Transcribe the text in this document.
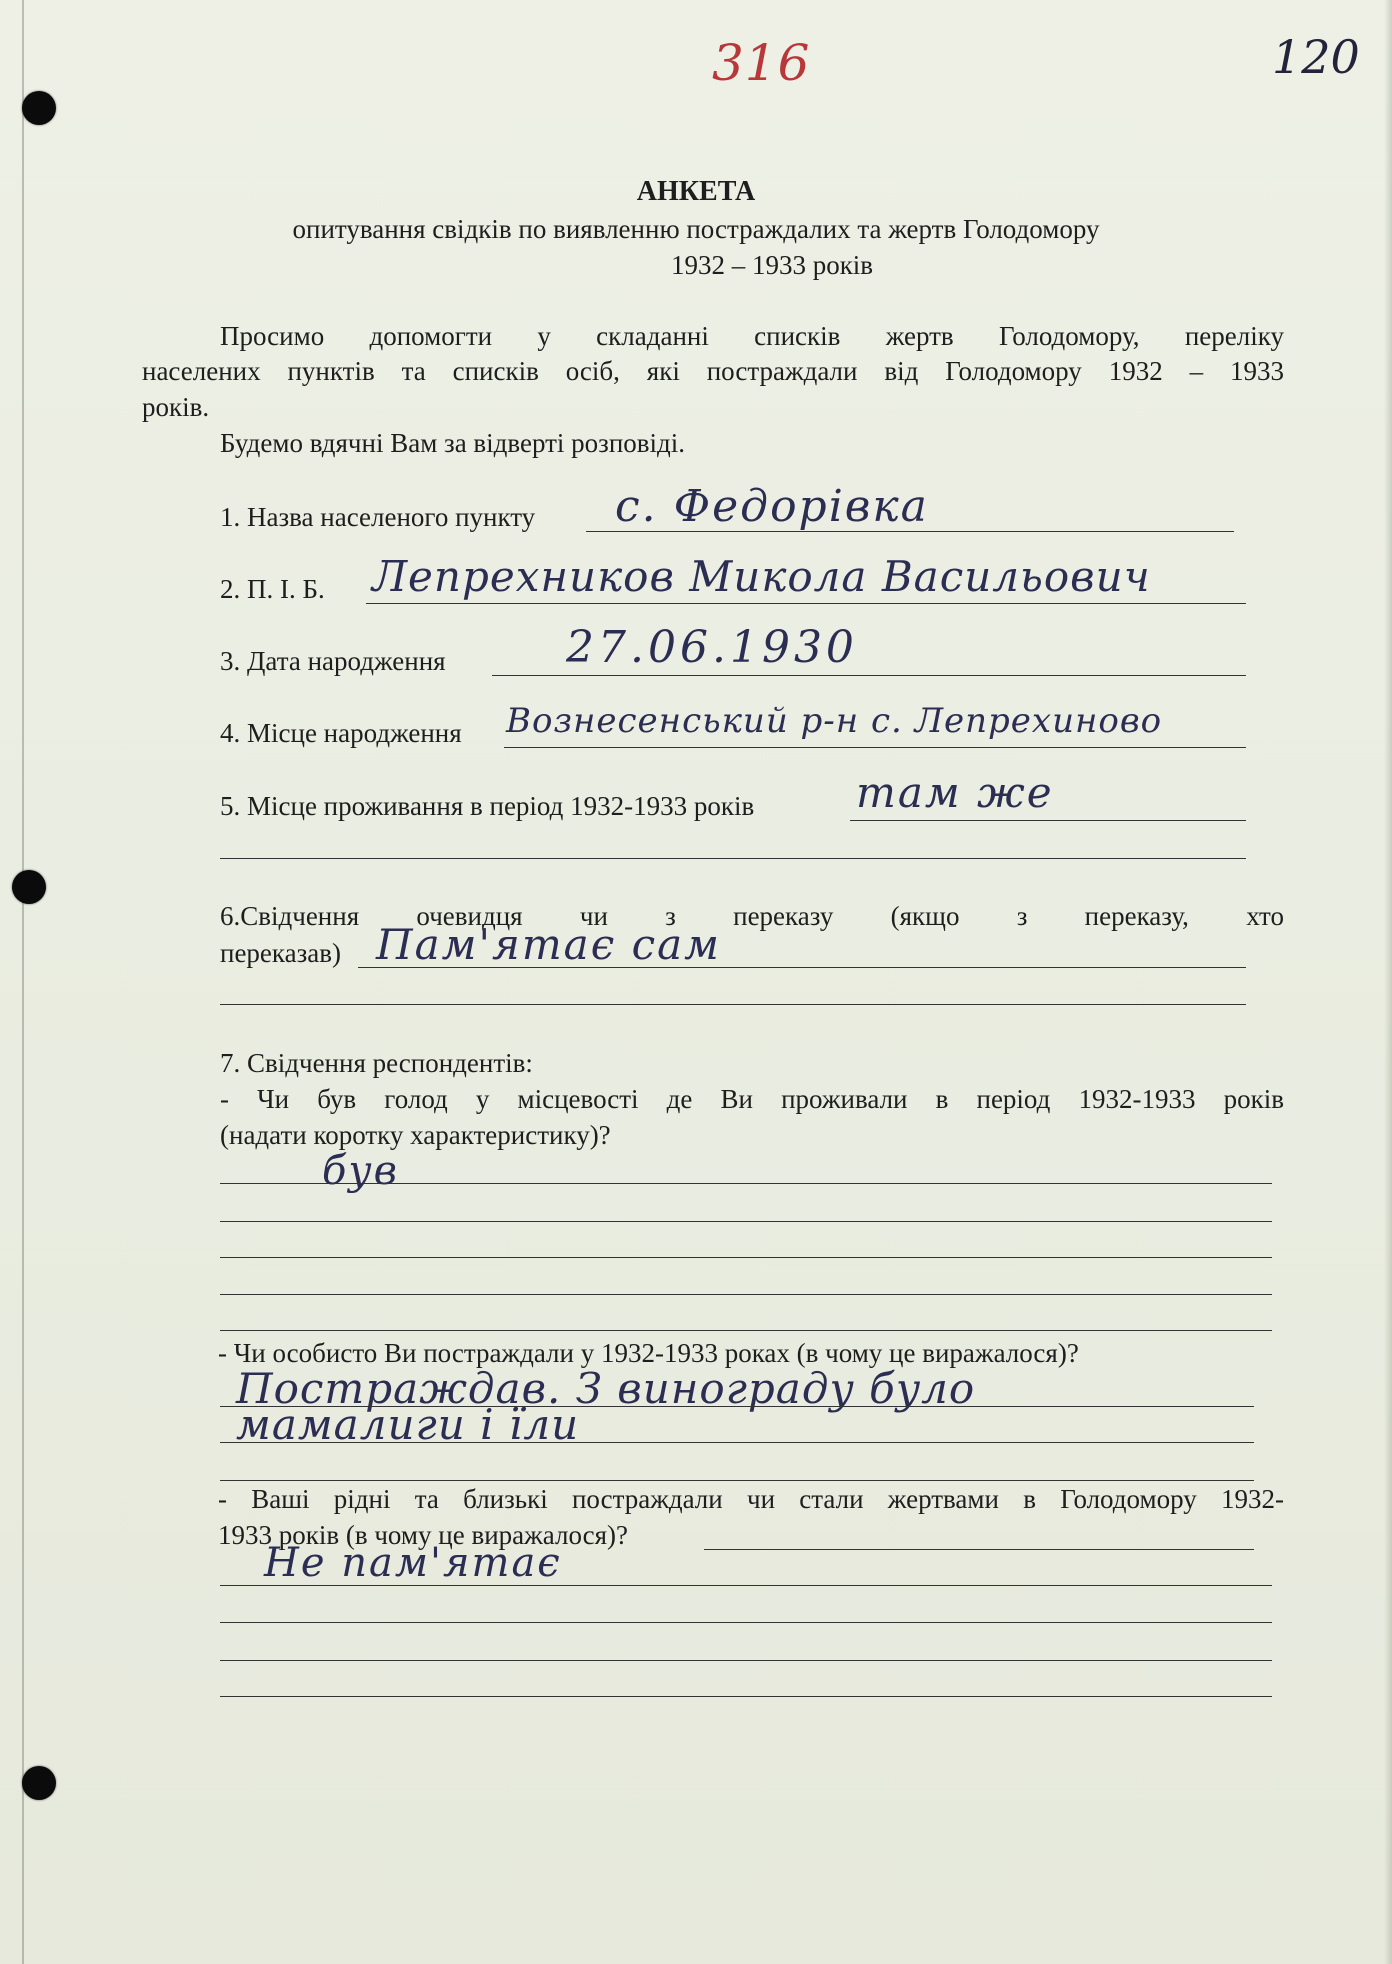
316	120
АНКЕТА
опитування свідків по виявленню постраждалих та жертв Голодомору
1932 – 1933 років
Просимо допомогти у складанні списків жертв Голодомору, переліку
населених пунктів та списків осіб, які постраждали від Голодомору 1932 – 1933
років.
Будемо вдячні Вам за відверті розповіді.
1. Назва населеного пункту с. Федорівка
2. П. І. Б. Лепрехников Микола Васильович
3. Дата народження	27.06.1930
4. Місце народження Вознесенський р-н с. Лепрехиново
5. Місце проживання в період 1932-1933 років там же
6.Свідчення очевидця чи з переказу (якщо з переказу, хто
переказав) Пам'ятає сам
7. Свідчення респондентів:
- Чи був голод у місцевості де Ви проживали в період 1932-1933 років
(надати коротку характеристику)?
був
- Чи особисто Ви постраждали у 1932-1933 роках (в чому це виражалося)?
Постраждав. З винограду було
мамалиги і їли
- Ваші рідні та близькі постраждали чи стали жертвами в Голодомору 1932-
1933 років (в чому це виражалося)?
Не пам'ятає
